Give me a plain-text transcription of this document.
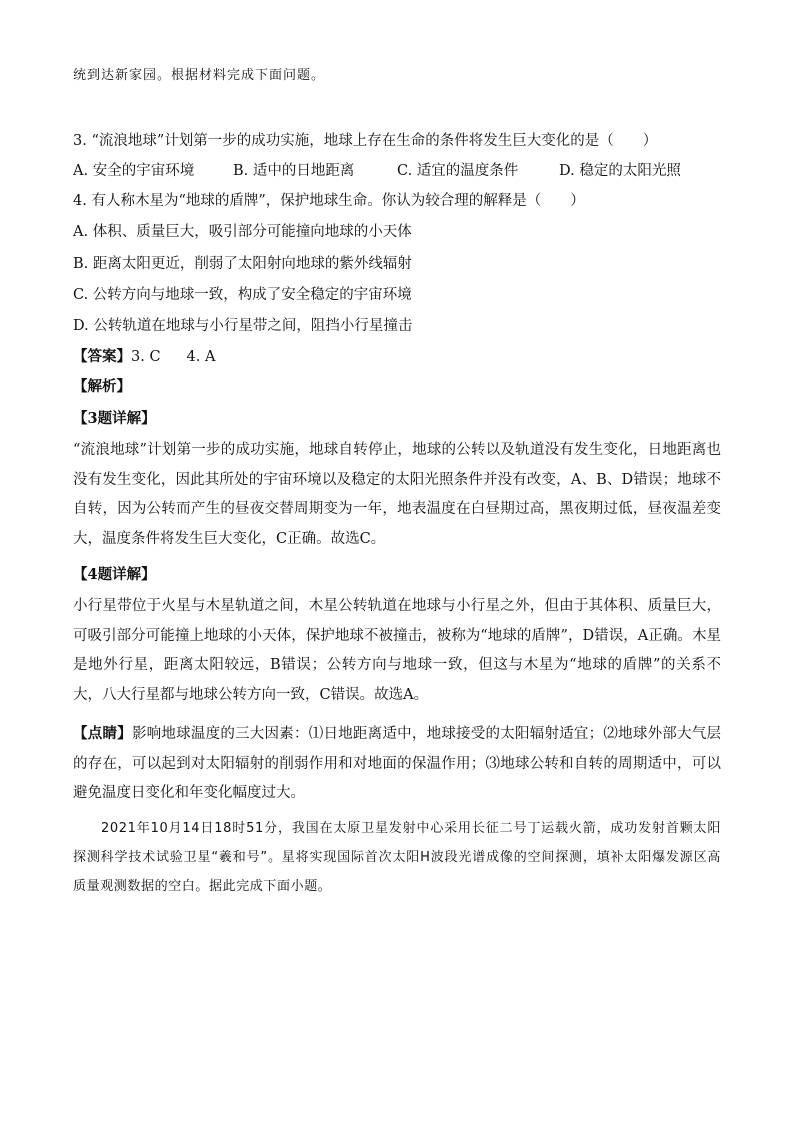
统到达新家园。根据材料完成下面问题。
3. “流浪地球”计划第一步的成功实施，地球上存在生命的条件将发生巨大变化的是（　　）
A. 安全的宇宙环境	B. 适中的日地距离	C. 适宜的温度条件	D. 稳定的太阳光照
4. 有人称木星为“地球的盾牌”，保护地球生命。你认为较合理的解释是（　　）
A. 体积、质量巨大，吸引部分可能撞向地球的小天体
B. 距离太阳更近，削弱了太阳射向地球的紫外线辐射
C. 公转方向与地球一致，构成了安全稳定的宇宙环境
D. 公转轨道在地球与小行星带之间，阻挡小行星撞击
【答案】3. C 4. A
【解析】
【3题详解】
“流浪地球”计划第一步的成功实施，地球自转停止，地球的公转以及轨道没有发生变化，日地距离也没有发生变化，因此其所处的宇宙环境以及稳定的太阳光照条件并没有改变，A、B、D错误；地球不自转，因为公转而产生的昼夜交替周期变为一年，地表温度在白昼期过高，黑夜期过低，昼夜温差变大，温度条件将发生巨大变化，C正确。故选C。
【4题详解】
小行星带位于火星与木星轨道之间，木星公转轨道在地球与小行星之外，但由于其体积、质量巨大，可吸引部分可能撞上地球的小天体，保护地球不被撞击，被称为“地球的盾牌”，D错误，A正确。木星是地外行星，距离太阳较远，B错误；公转方向与地球一致，但这与木星为“地球的盾牌”的关系不大，八大行星都与地球公转方向一致，C错误。故选A。
【点睛】影响地球温度的三大因素：⑴日地距离适中，地球接受的太阳辐射适宜；⑵地球外部大气层的存在，可以起到对太阳辐射的削弱作用和对地面的保温作用；⑶地球公转和自转的周期适中，可以避免温度日变化和年变化幅度过大。
2021年10月14日18时51分，我国在太原卫星发射中心采用长征二号丁运载火箭，成功发射首颗太阳探测科学技术试验卫星“羲和号”。星将实现国际首次太阳H波段光谱成像的空间探测，填补太阳爆发源区高质量观测数据的空白。据此完成下面小题。
